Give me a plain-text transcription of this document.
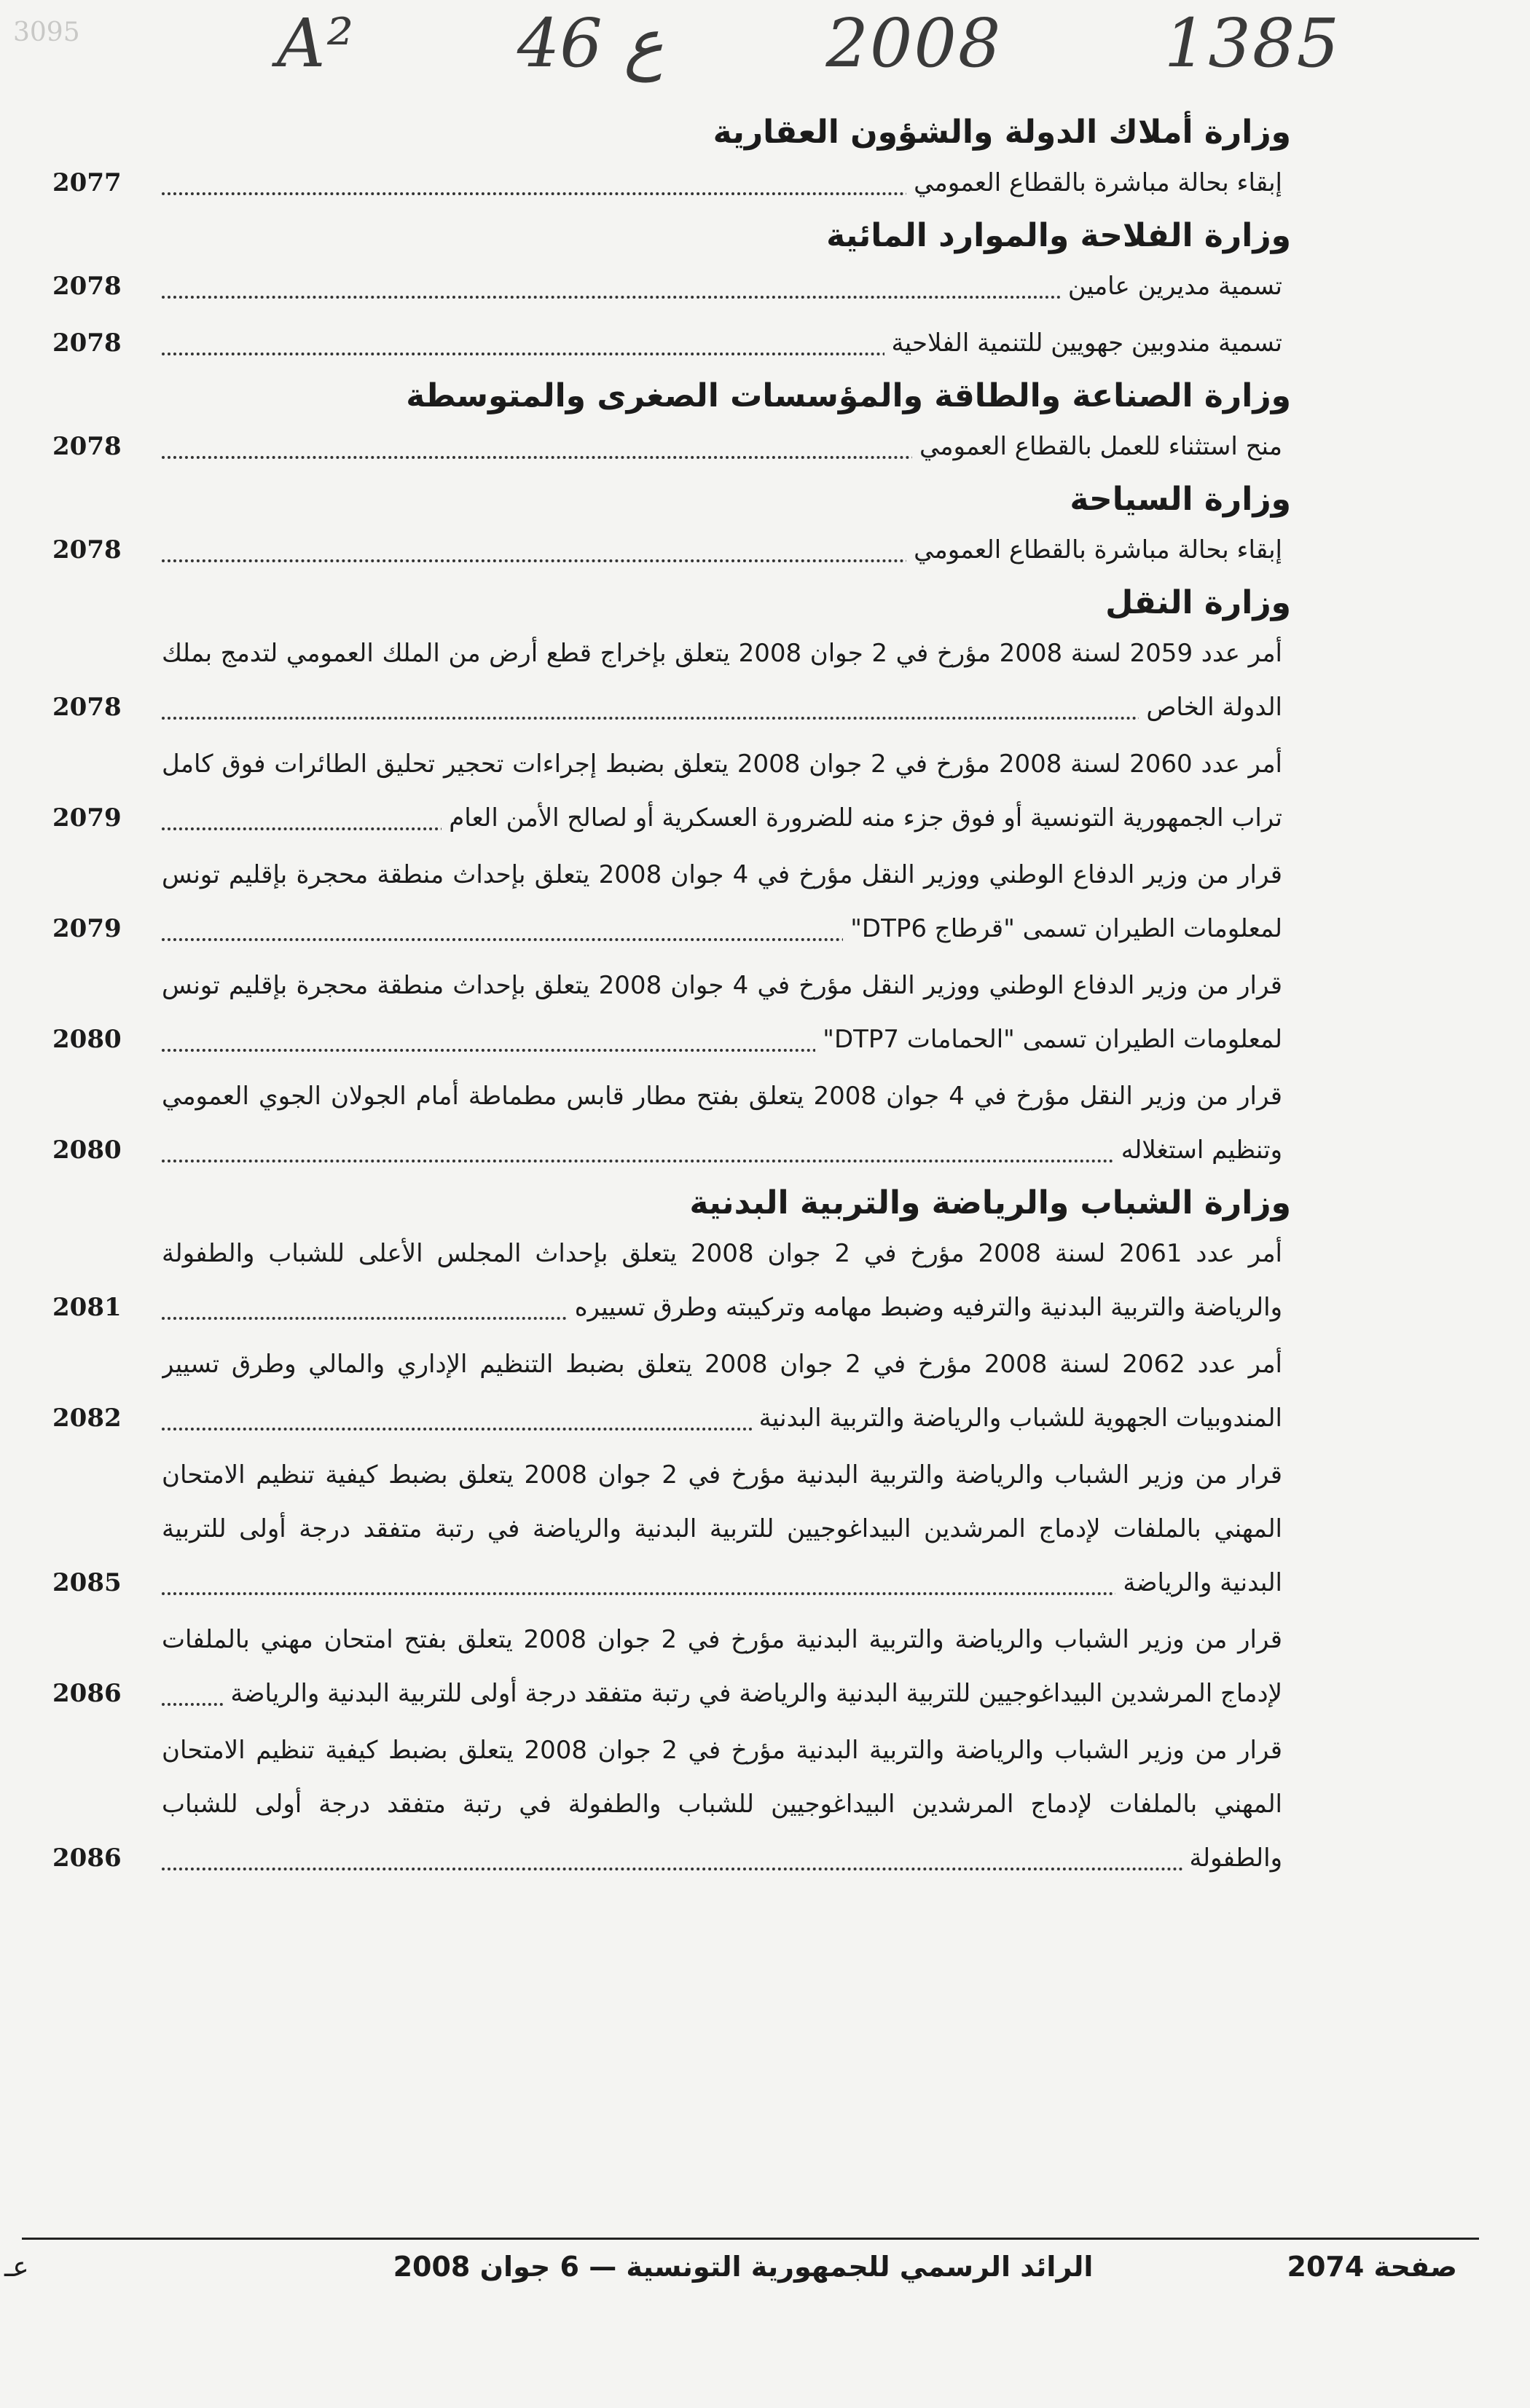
3095	A² 46 ع 2008 1385
وزارة أملاك الدولة والشؤون العقارية
إبقاء بحالة مباشرة بالقطاع العمومي
2077
وزارة الفلاحة والموارد المائية
تسمية مديرين عامين
2078
تسمية مندوبين جهويين للتنمية الفلاحية
2078
وزارة الصناعة والطاقة والمؤسسات الصغرى والمتوسطة
منح استثناء للعمل بالقطاع العمومي
2078
وزارة السياحة
إبقاء بحالة مباشرة بالقطاع العمومي
2078
وزارة النقل
أمر عدد 2059 لسنة 2008 مؤرخ في 2 جوان 2008 يتعلق بإخراج قطع أرض من الملك العمومي لتدمج بملك الدولة الخاص
2078
أمر عدد 2060 لسنة 2008 مؤرخ في 2 جوان 2008 يتعلق بضبط إجراءات تحجير تحليق الطائرات فوق كامل تراب الجمهورية التونسية أو فوق جزء منه للضرورة العسكرية أو لصالح الأمن العام
2079
قرار من وزير الدفاع الوطني ووزير النقل مؤرخ في 4 جوان 2008 يتعلق بإحداث منطقة محجرة بإقليم تونس لمعلومات الطيران تسمى "قرطاج DTP6"
2079
قرار من وزير الدفاع الوطني ووزير النقل مؤرخ في 4 جوان 2008 يتعلق بإحداث منطقة محجرة بإقليم تونس لمعلومات الطيران تسمى "الحمامات DTP7"
2080
قرار من وزير النقل مؤرخ في 4 جوان 2008 يتعلق بفتح مطار قابس مطماطة أمام الجولان الجوي العمومي وتنظيم استغلاله
2080
وزارة الشباب والرياضة والتربية البدنية
أمر عدد 2061 لسنة 2008 مؤرخ في 2 جوان 2008 يتعلق بإحداث المجلس الأعلى للشباب والطفولة والرياضة والتربية البدنية والترفيه وضبط مهامه وتركيبته وطرق تسييره
2081
أمر عدد 2062 لسنة 2008 مؤرخ في 2 جوان 2008 يتعلق بضبط التنظيم الإداري والمالي وطرق تسيير المندوبيات الجهوية للشباب والرياضة والتربية البدنية
2082
قرار من وزير الشباب والرياضة والتربية البدنية مؤرخ في 2 جوان 2008 يتعلق بضبط كيفية تنظيم الامتحان المهني بالملفات لإدماج المرشدين البيداغوجيين للتربية البدنية والرياضة في رتبة متفقد درجة أولى للتربية البدنية والرياضة
2085
قرار من وزير الشباب والرياضة والتربية البدنية مؤرخ في 2 جوان 2008 يتعلق بفتح امتحان مهني بالملفات لإدماج المرشدين البيداغوجيين للتربية البدنية والرياضة في رتبة متفقد درجة أولى للتربية البدنية والرياضة
2086
قرار من وزير الشباب والرياضة والتربية البدنية مؤرخ في 2 جوان 2008 يتعلق بضبط كيفية تنظيم الامتحان المهني بالملفات لإدماج المرشدين البيداغوجيين للشباب والطفولة في رتبة متفقد درجة أولى للشباب والطفولة
2086
صفحة 2074
الرائد الرسمي للجمهورية التونسية — 6 جوان 2008
عـ
